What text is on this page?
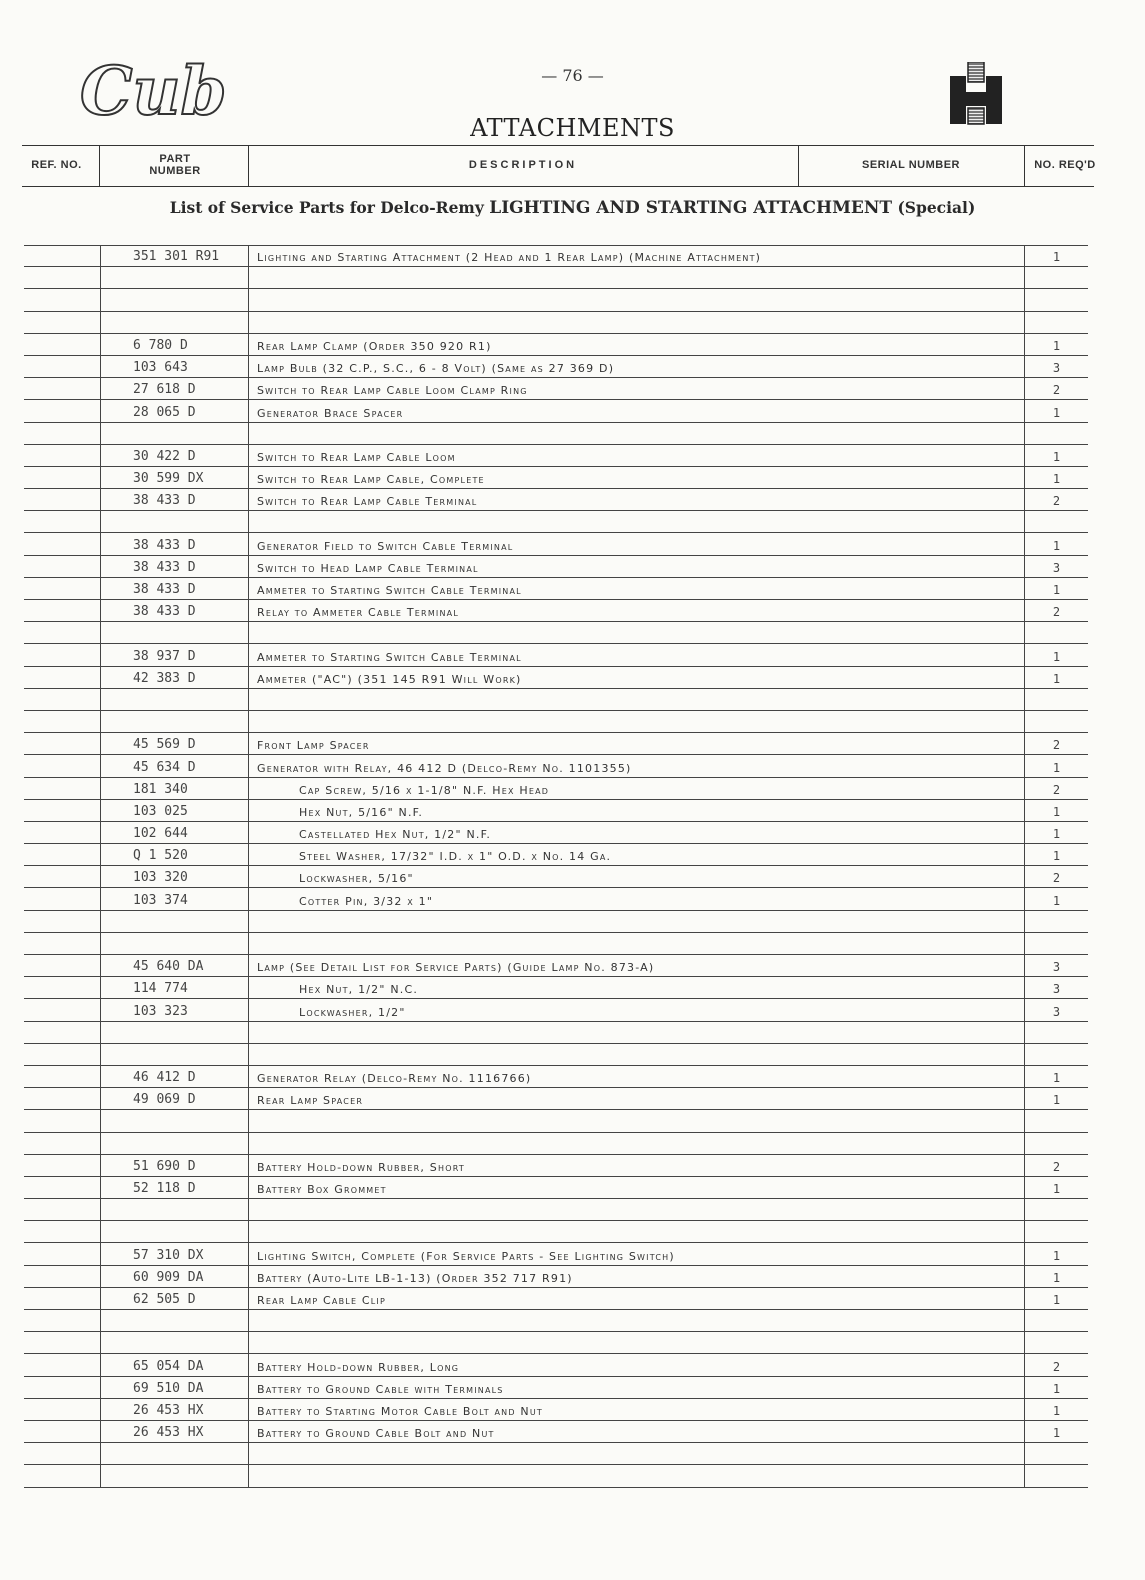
Cub	— 76 —
ATTACHMENTS
REF. NO.	PART NUMBER	DESCRIPTION	SERIAL NUMBER	NO. REQ'D
List of Service Parts for Delco-Remy LIGHTING AND STARTING ATTACHMENT (Special)
351 301 R91	Lighting and Starting Attachment (2 Head and 1 Rear Lamp) (Machine Attachment)	1
6 780 D	Rear Lamp Clamp (Order 350 920 R1)	1
103 643	Lamp Bulb (32 C.P., S.C., 6 - 8 Volt) (Same as 27 369 D)	3
27 618 D	Switch to Rear Lamp Cable Loom Clamp Ring	2
28 065 D	Generator Brace Spacer	1
30 422 D	Switch to Rear Lamp Cable Loom	1
30 599 DX	Switch to Rear Lamp Cable, Complete	1
38 433 D	Switch to Rear Lamp Cable Terminal	2
38 433 D	Generator Field to Switch Cable Terminal	1
38 433 D	Switch to Head Lamp Cable Terminal	3
38 433 D	Ammeter to Starting Switch Cable Terminal	1
38 433 D	Relay to Ammeter Cable Terminal	2
38 937 D	Ammeter to Starting Switch Cable Terminal	1
42 383 D	Ammeter ("AC") (351 145 R91 Will Work)	1
45 569 D	Front Lamp Spacer	2
45 634 D	Generator with Relay, 46 412 D (Delco-Remy No. 1101355)	1
181 340	Cap Screw, 5/16 x 1-1/8" N.F. Hex Head	2
103 025	Hex Nut, 5/16" N.F.	1
102 644	Castellated Hex Nut, 1/2" N.F.	1
Q 1 520	Steel Washer, 17/32" I.D. x 1" O.D. x No. 14 Ga.	1
103 320	Lockwasher, 5/16"	2
103 374	Cotter Pin, 3/32 x 1"	1
45 640 DA	Lamp (See Detail List for Service Parts) (Guide Lamp No. 873-A)	3
114 774	Hex Nut, 1/2" N.C.	3
103 323	Lockwasher, 1/2"	3
46 412 D	Generator Relay (Delco-Remy No. 1116766)	1
49 069 D	Rear Lamp Spacer	1
51 690 D	Battery Hold-down Rubber, Short	2
52 118 D	Battery Box Grommet	1
57 310 DX	Lighting Switch, Complete (For Service Parts - See Lighting Switch)	1
60 909 DA	Battery (Auto-Lite LB-1-13) (Order 352 717 R91)	1
62 505 D	Rear Lamp Cable Clip	1
65 054 DA	Battery Hold-down Rubber, Long	2
69 510 DA	Battery to Ground Cable with Terminals	1
26 453 HX	Battery to Starting Motor Cable Bolt and Nut	1
26 453 HX	Battery to Ground Cable Bolt and Nut	1
